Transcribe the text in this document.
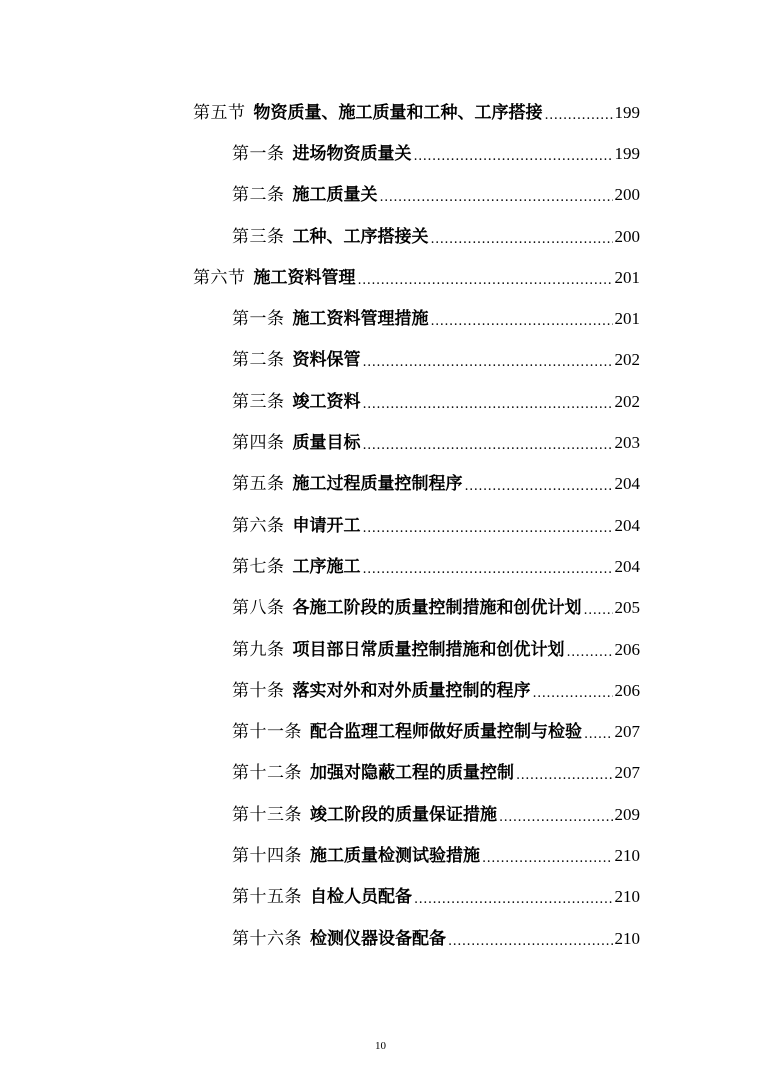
第五节 物资质量、施工质量和工种、工序搭接 .....	199
第一条 进场物资质量关 .....	199
第二条 施工质量关 .....	200
第三条 工种、工序搭接关 .....	200
第六节 施工资料管理 .....	201
第一条 施工资料管理措施 .....	201
第二条 资料保管 .....	202
第三条 竣工资料 .....	202
第四条 质量目标 .....	203
第五条 施工过程质量控制程序 .....	204
第六条 申请开工 .....	204
第七条 工序施工 .....	204
第八条 各施工阶段的质量控制措施和创优计划 ..... 205
第九条 项目部日常质量控制措施和创优计划 .....	206
第十条 落实对外和对外质量控制的程序 .....	206
第十一条 配合监理工程师做好质量控制与检验 ..... 207
第十二条 加强对隐蔽工程的质量控制 .....	207
第十三条 竣工阶段的质量保证措施 .....	209
第十四条 施工质量检测试验措施 .....	210
第十五条 自检人员配备 .....	210
第十六条 检测仪器设备配备 .....	210
10
